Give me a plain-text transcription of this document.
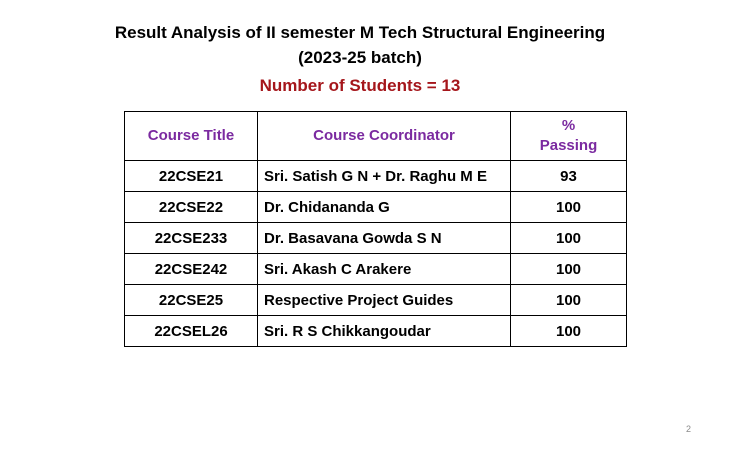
Result Analysis of II semester M Tech Structural Engineering
(2023-25 batch)
Number of Students = 13
Course Title	Course Coordinator	%
Passing

22CSE21	Sri. Satish G N + Dr. Raghu M E	93
22CSE22	Dr. Chidananda G	100
22CSE233	Dr. Basavana Gowda S N	100
22CSE242	Sri. Akash C Arakere	100
22CSE25	Respective Project Guides	100
22CSEL26	Sri. R S Chikkangoudar	100
2
